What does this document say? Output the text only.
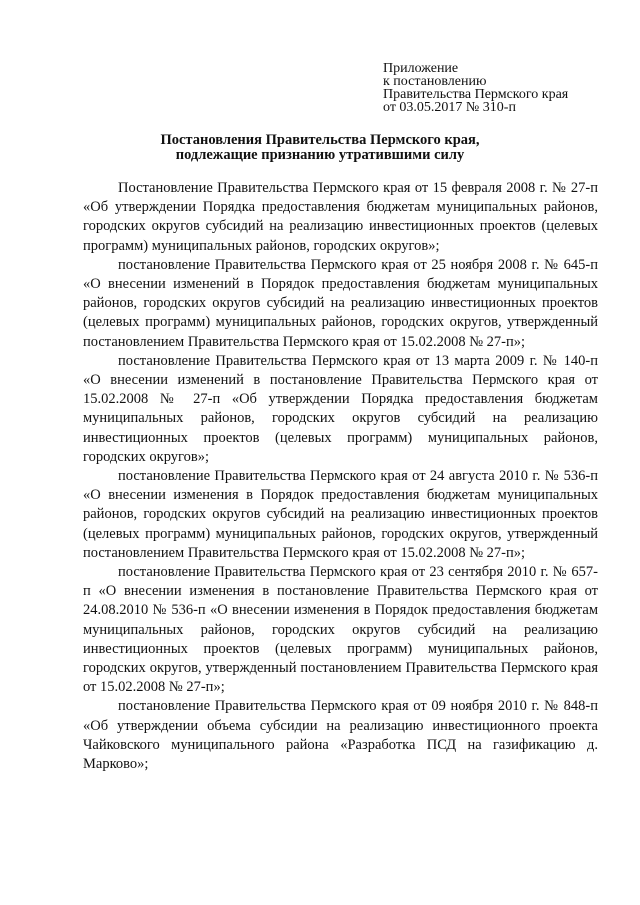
Приложение
к постановлению
Правительства Пермского края
от 03.05.2017 № 310-п
Постановления Правительства Пермского края,
подлежащие признанию утратившими силу

Постановление Правительства Пермского края от 15 февраля 2008 г. № 27-п «Об утверждении Порядка предоставления бюджетам муниципальных районов, городских округов субсидий на реализацию инвестиционных проектов (целевых программ) муниципальных районов, городских округов»;

постановление Правительства Пермского края от 25 ноября 2008 г. № 645-п «О внесении изменений в Порядок предоставления бюджетам муниципальных районов, городских округов субсидий на реализацию инвестиционных проектов (целевых программ) муниципальных районов, городских округов, утвержденный постановлением Правительства Пермского края от 15.02.2008 № 27-п»;

постановление Правительства Пермского края от 13 марта 2009 г. № 140-п «О внесении изменений в постановление Правительства Пермского края от 15.02.2008 № 27-п «Об утверждении Порядка предоставления бюджетам муниципальных районов, городских округов субсидий на реализацию инвестиционных проектов (целевых программ) муниципальных районов, городских округов»;

постановление Правительства Пермского края от 24 августа 2010 г. № 536-п «О внесении изменения в Порядок предоставления бюджетам муниципальных районов, городских округов субсидий на реализацию инвестиционных проектов (целевых программ) муниципальных районов, городских округов, утвержденный постановлением Правительства Пермского края от 15.02.2008 № 27-п»;

постановление Правительства Пермского края от 23 сентября 2010 г. № 657-п «О внесении изменения в постановление Правительства Пермского края от 24.08.2010 № 536-п «О внесении изменения в Порядок предоставления бюджетам муниципальных районов, городских округов субсидий на реализацию инвестиционных проектов (целевых программ) муниципальных районов, городских округов, утвержденный постановлением Правительства Пермского края от 15.02.2008 № 27-п»;

постановление Правительства Пермского края от 09 ноября 2010 г. № 848-п «Об утверждении объема субсидии на реализацию инвестиционного проекта Чайковского муниципального района «Разработка ПСД на газификацию д. Марково»;
